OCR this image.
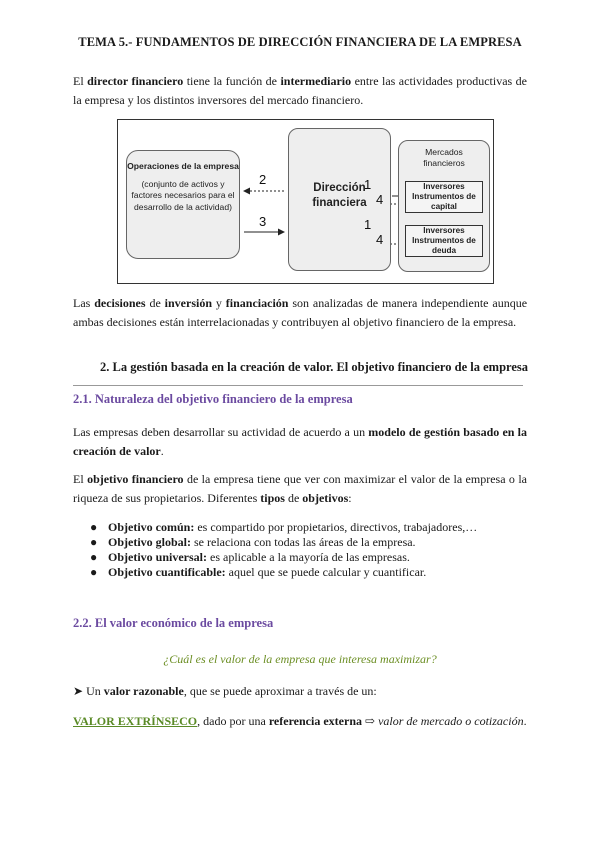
TEMA 5.- FUNDAMENTOS DE DIRECCIÓN FINANCIERA DE LA EMPRESA
El director financiero tiene la función de intermediario entre las actividades productivas de la empresa y los distintos inversores del mercado financiero.
Operaciones de la empresa
(conjunto de activos y factores necesarios para el desarrollo de la actividad)
2
3
Dirección financiera
1
4
1
4
Mercados financieros
Inversores Instrumentos de capital
Inversores Instrumentos de deuda
Las decisiones de inversión y financiación son analizadas de manera independiente aunque ambas decisiones están interrelacionadas y contribuyen al objetivo financiero de la empresa.
2. La gestión basada en la creación de valor. El objetivo financiero de la empresa
2.1. Naturaleza del objetivo financiero de la empresa
Las empresas deben desarrollar su actividad de acuerdo a un modelo de gestión basado en la creación de valor.
El objetivo financiero de la empresa tiene que ver con maximizar el valor de la empresa o la riqueza de sus propietarios. Diferentes tipos de objetivos:
● Objetivo común: es compartido por propietarios, directivos, trabajadores,…
● Objetivo global: se relaciona con todas las áreas de la empresa.
● Objetivo universal: es aplicable a la mayoría de las empresas.
● Objetivo cuantificable: aquel que se puede calcular y cuantificar.
2.2. El valor económico de la empresa
¿Cuál es el valor de la empresa que interesa maximizar?
➤ Un valor razonable, que se puede aproximar a través de un:
VALOR EXTRÍNSECO, dado por una referencia externa ⇨ valor de mercado o cotización.
